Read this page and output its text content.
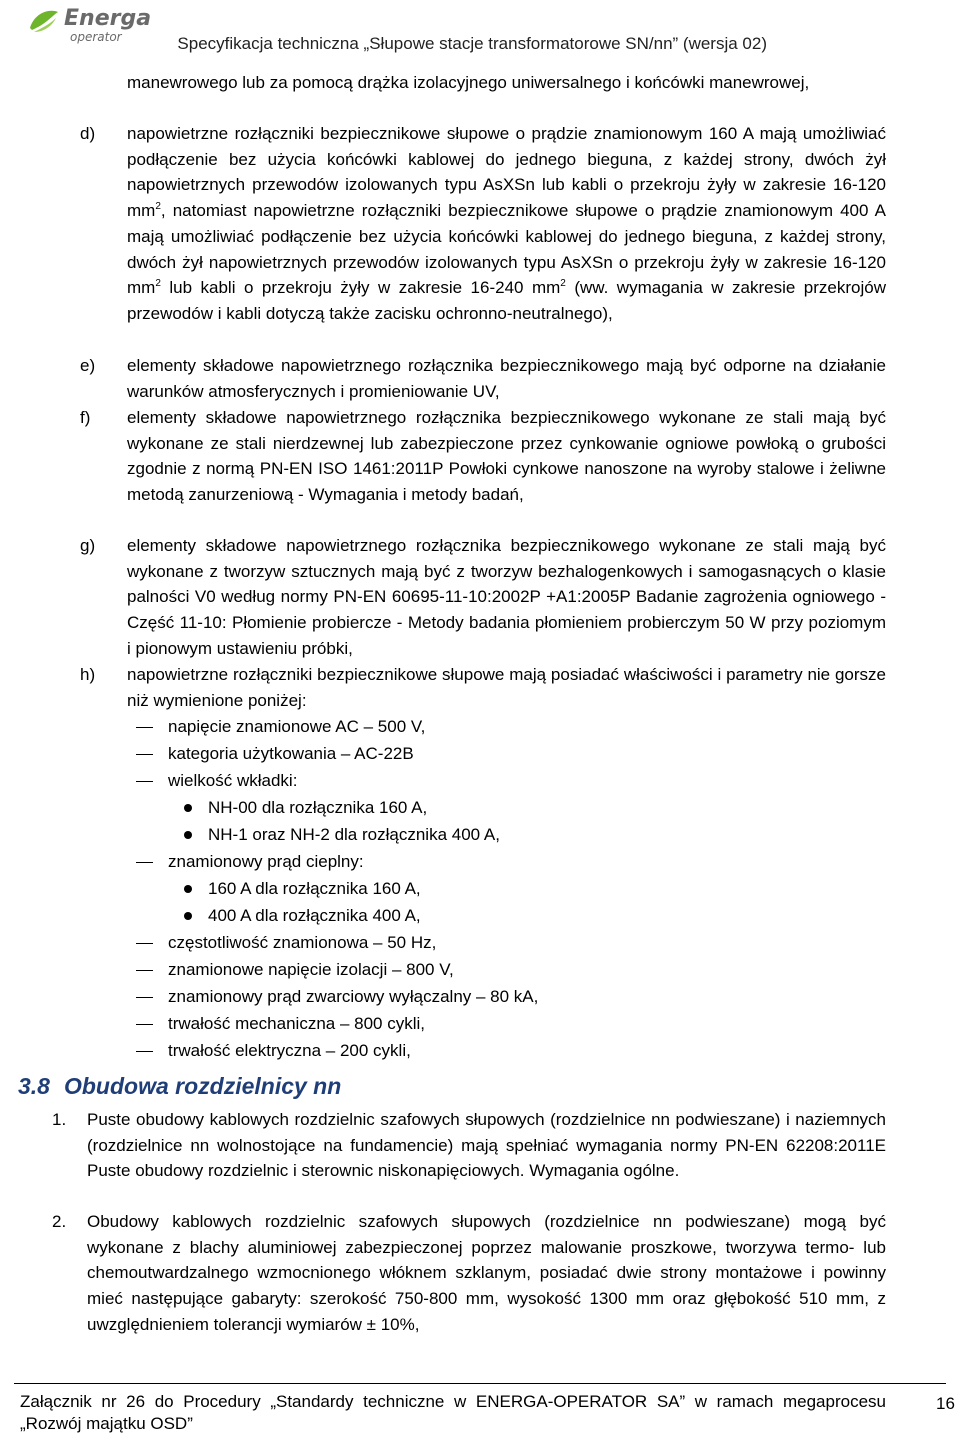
Energa
operator	Specyfikacja techniczna „Słupowe stacje transformatorowe SN/nn” (wersja 02)
manewrowego lub za pomocą drążka izolacyjnego uniwersalnego i końcówki manewrowej,
d) napowietrzne rozłączniki bezpiecznikowe słupowe o prądzie znamionowym 160 A mają umożliwiać podłączenie bez użycia końcówki kablowej do jednego bieguna, z każdej strony, dwóch żył napowietrznych przewodów izolowanych typu AsXSn lub kabli o przekroju żyły w zakresie 16-120 $mm^2$, natomiast napowietrzne rozłączniki bezpiecznikowe słupowe o prądzie znamionowym 400 A mają umożliwiać podłączenie bez użycia końcówki kablowej do jednego bieguna, z każdej strony, dwóch żył napowietrznych przewodów izolowanych typu AsXSn o przekroju żyły w zakresie 16-120 $mm^2$ lub kabli o przekroju żyły w zakresie 16-240 $mm^2$ (ww. wymagania w zakresie przekrojów przewodów i kabli dotyczą także zacisku ochronno-neutralnego),
e) elementy składowe napowietrznego rozłącznika bezpiecznikowego mają być odporne na działanie warunków atmosferycznych i promieniowanie UV,
f) elementy składowe napowietrznego rozłącznika bezpiecznikowego wykonane ze stali mają być wykonane ze stali nierdzewnej lub zabezpieczone przez cynkowanie ogniowe powłoką o grubości zgodnie z normą PN-EN ISO 1461:2011P Powłoki cynkowe nanoszone na wyroby stalowe i żeliwne metodą zanurzeniową - Wymagania i metody badań,
g) elementy składowe napowietrznego rozłącznika bezpiecznikowego wykonane ze stali mają być wykonane z tworzyw sztucznych mają być z tworzyw bezhalogenkowych i samogasnących o klasie palności V0 według normy PN-EN 60695-11-10:2002P +A1:2005P Badanie zagrożenia ogniowego - Część 11-10: Płomienie probiercze - Metody badania płomieniem probierczym 50 W przy poziomym i pionowym ustawieniu próbki,
h) napowietrzne rozłączniki bezpiecznikowe słupowe mają posiadać właściwości i parametry nie gorsze niż wymienione poniżej:
napięcie znamionowe AC – 500 V,
kategoria użytkowania – AC-22B
wielkość wkładki:
NH-00 dla rozłącznika 160 A,
NH-1 oraz NH-2 dla rozłącznika 400 A,
znamionowy prąd cieplny:
160 A dla rozłącznika 160 A,
400 A dla rozłącznika 400 A,
częstotliwość znamionowa – 50 Hz,
znamionowe napięcie izolacji – 800 V,
znamionowy prąd zwarciowy wyłączalny – 80 kA,
trwałość mechaniczna – 800 cykli,
trwałość elektryczna – 200 cykli,
3.8 Obudowa rozdzielnicy nn
1. Puste obudowy kablowych rozdzielnic szafowych słupowych (rozdzielnice nn podwieszane) i naziemnych (rozdzielnice nn wolnostojące na fundamencie) mają spełniać wymagania normy PN-EN 62208:2011E Puste obudowy rozdzielnic i sterownic niskonapięciowych. Wymagania ogólne.
2. Obudowy kablowych rozdzielnic szafowych słupowych (rozdzielnice nn podwieszane) mogą być wykonane z blachy aluminiowej zabezpieczonej poprzez malowanie proszkowe, tworzywa termo- lub chemoutwardzalnego wzmocnionego włóknem szklanym, posiadać dwie strony montażowe i powinny mieć następujące gabaryty: szerokość 750-800 mm, wysokość 1300 mm oraz głębokość 510 mm, z uwzględnieniem tolerancji wymiarów ± 10%,
Załącznik nr 26 do Procedury „Standardy techniczne w ENERGA-OPERATOR SA” w ramach megaprocesu „Rozwój majątku OSD”
16
